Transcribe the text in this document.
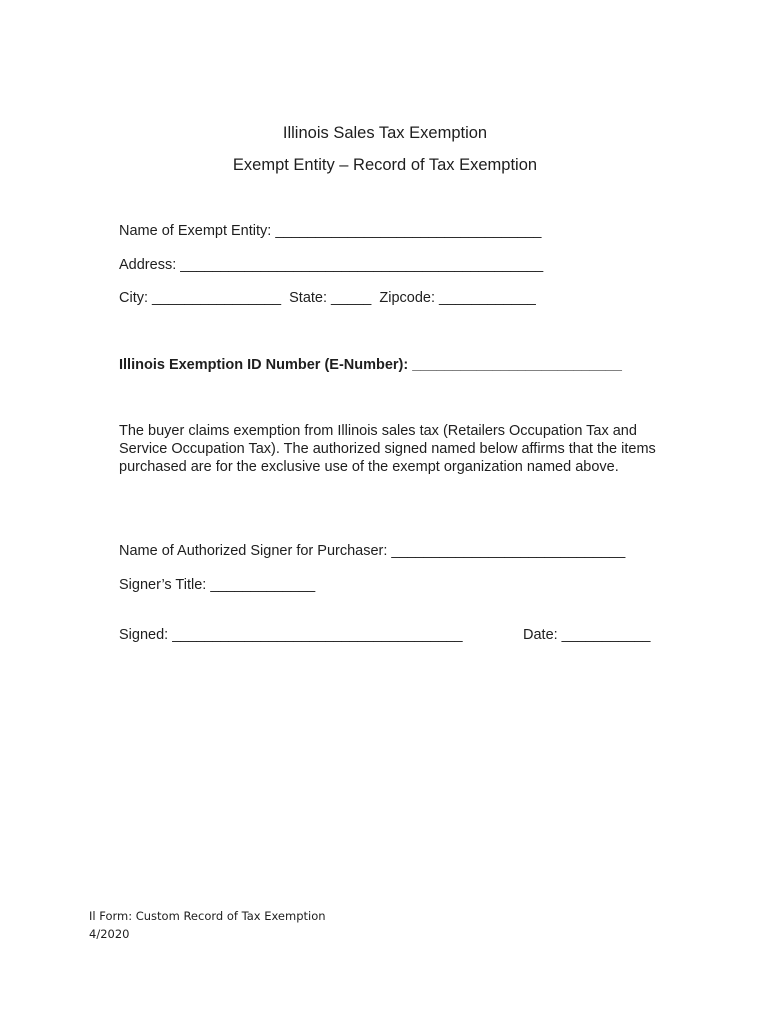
Illinois Sales Tax Exemption
Exempt Entity – Record of Tax Exemption
Name of Exempt Entity: _________________________________
Address: _____________________________________________
City: ________________  State: _____  Zipcode: ____________
Illinois Exemption ID Number (E-Number): __________________________
The buyer claims exemption from Illinois sales tax (Retailers Occupation Tax and Service Occupation Tax). The authorized signed named below affirms that the items purchased are for the exclusive use of the exempt organization named above.
Name of Authorized Signer for Purchaser: _____________________________
Signer’s Title: _____________
Signed: ____________________________________	Date: ___________
Il Form: Custom Record of Tax Exemption
4/2020
